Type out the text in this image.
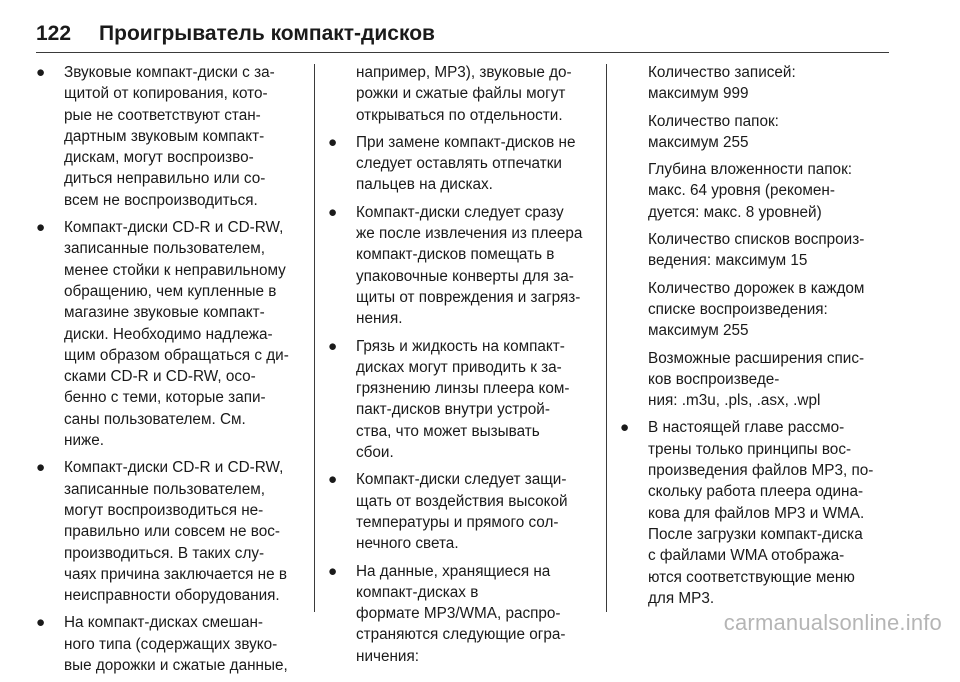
122 Проигрыватель компакт-дисков
● Звуковые компакт-диски с за-
щитой от копирования, кото-
рые не соответствуют стан-
дартным звуковым компакт-
дискам, могут воспроизво-
диться неправильно или со-
всем не воспроизводиться.
● Компакт-диски CD-R и CD-RW,
записанные пользователем,
менее стойки к неправильному
обращению, чем купленные в
магазине звуковые компакт-
диски. Необходимо надлежа-
щим образом обращаться с ди-
сками CD-R и CD-RW, осо-
бенно с теми, которые запи-
саны пользователем. См.
ниже.
● Компакт-диски CD-R и CD-RW,
записанные пользователем,
могут воспроизводиться не-
правильно или совсем не вос-
производиться. В таких слу-
чаях причина заключается не в
неисправности оборудования.
● На компакт-дисках смешан-
ного типа (содержащих звуко-
вые дорожки и сжатые данные,
например, MP3), звуковые до-
рожки и сжатые файлы могут
открываться по отдельности.
● При замене компакт-дисков не
следует оставлять отпечатки
пальцев на дисках.
● Компакт-диски следует сразу
же после извлечения из плеера
компакт-дисков помещать в
упаковочные конверты для за-
щиты от повреждения и загряз-
нения.
● Грязь и жидкость на компакт-
дисках могут приводить к за-
грязнению линзы плеера ком-
пакт-дисков внутри устрой-
ства, что может вызывать
сбои.
● Компакт-диски следует защи-
щать от воздействия высокой
температуры и прямого сол-
нечного света.
● На данные, хранящиеся на
компакт-дисках в
формате MP3/WMA, распро-
страняются следующие огра-
ничения:
Количество записей:
максимум 999
Количество папок:
максимум 255
Глубина вложенности папок:
макс. 64 уровня (рекомен-
дуется: макс. 8 уровней)
Количество списков воспроиз-
ведения: максимум 15
Количество дорожек в каждом
списке воспроизведения:
максимум 255
Возможные расширения спис-
ков воспроизведе-
ния: .m3u, .pls, .asx, .wpl
● В настоящей главе рассмо-
трены только принципы вос-
произведения файлов MP3, по-
скольку работа плеера одина-
кова для файлов MP3 и WMA.
После загрузки компакт-диска
с файлами WMA отобража-
ются соответствующие меню
для MP3.
carmanualsonline.info
